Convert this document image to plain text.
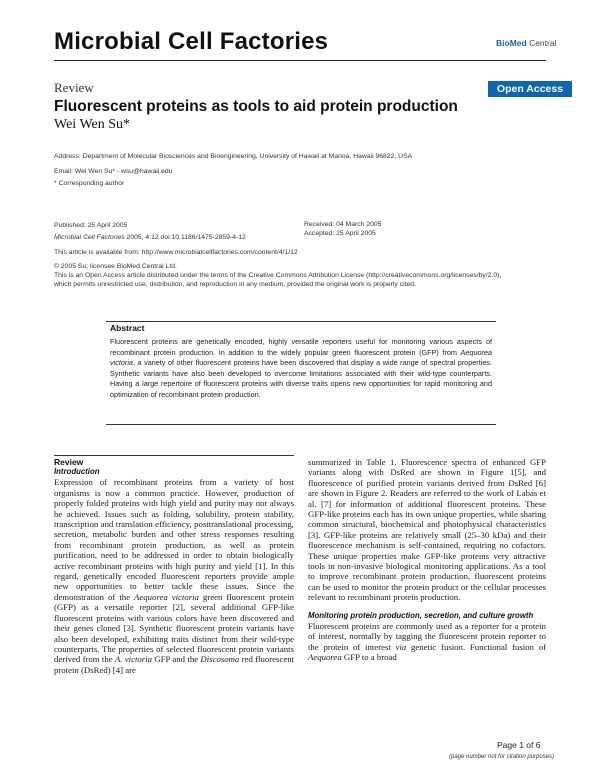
Microbial Cell Factories	BioMed Central
Review	Open Access
Fluorescent proteins as tools to aid protein production
Wei Wen Su*
Address: Department of Molecular Biosciences and Bioengineering, University of Hawaii at Manoa, Hawaii 96822, USA
Email: Wei Wen Su* - wsu@hawaii.edu
* Corresponding author
Published: 25 April 2005
Microbial Cell Factories 2005, 4:12 doi:10.1186/1475-2859-4-12
Received: 04 March 2005
Accepted: 25 April 2005
This article is available from: http://www.microbialcellfactories.com/content/4/1/12
© 2005 Su; licensee BioMed Central Ltd.
This is an Open Access article distributed under the terms of the Creative Commons Attribution License (http://creativecommons.org/licenses/by/2.0),
which permits unrestricted use, distribution, and reproduction in any medium, provided the original work is properly cited.
Abstract
Fluorescent proteins are genetically encoded, highly versatile reporters useful for monitoring various aspects of recombinant protein production. In addition to the widely popular green fluorescent protein (GFP) from Aequorea victoria, a variety of other fluorescent proteins have been discovered that display a wide range of spectral properties. Synthetic variants have also been developed to overcome limitations associated with their wild-type counterparts. Having a large repertoire of fluorescent proteins with diverse traits opens new opportunities for rapid monitoring and optimization of recombinant protein production.
Review
Introduction

Expression of recombinant proteins from a variety of host organisms is now a common practice. However, production of properly folded proteins with high yield and purity may not always be achieved. Issues such as folding, solubility, protein stability, transcription and translation efficiency, posttranslational processing, secretion, metabolic burden and other stress responses resulting from recombinant protein production, as well as protein purification, need to be addressed in order to obtain biologically active recombinant proteins with high purity and yield [1]. In this regard, genetically encoded fluorescent reporters provide ample new opportunities to better tackle these issues. Since the demonstration of the Aequorea victoria green fluorescent protein (GFP) as a versatile reporter [2], several additional GFP-like fluorescent proteins with various colors have been discovered and their genes cloned [3]. Synthetic fluorescent protein variants have also been developed, exhibiting traits distinct from their wild-type counterparts. The properties of selected fluorescent protein variants derived from the A. victoria GFP and the Discosoma red fluorescent protein (DsRed) [4] are

summarized in Table 1. Fluorescence spectra of enhanced GFP variants along with DsRed are shown in Figure 1[5], and fluorescence of purified protein variants derived from DsRed [6] are shown in Figure 2. Readers are referred to the work of Labas et al. [7] for information of additional fluorescent proteins. These GFP-like proteins each has its own unique properties, while sharing common structural, biochemical and photophysical characteristics [3]. GFP-like proteins are relatively small (25–30 kDa) and their fluorescence mechanism is self-contained, requiring no cofactors. These unique properties make GFP-like proteins very attractive tools in non-invasive biological monitoring applications. As a tool to improve recombinant protein production, fluorescent proteins can be used to monitor the protein product or the cellular processes relevant to recombinant protein production.

Monitoring protein production, secretion, and culture growth

Fluorescent proteins are commonly used as a reporter for a protein of interest, normally by tagging the fluorescent protein reporter to the protein of interest via genetic fusion. Functional fusion of Aequorea GFP to a broad

Page 1 of 6
(page number not for citation purposes)
